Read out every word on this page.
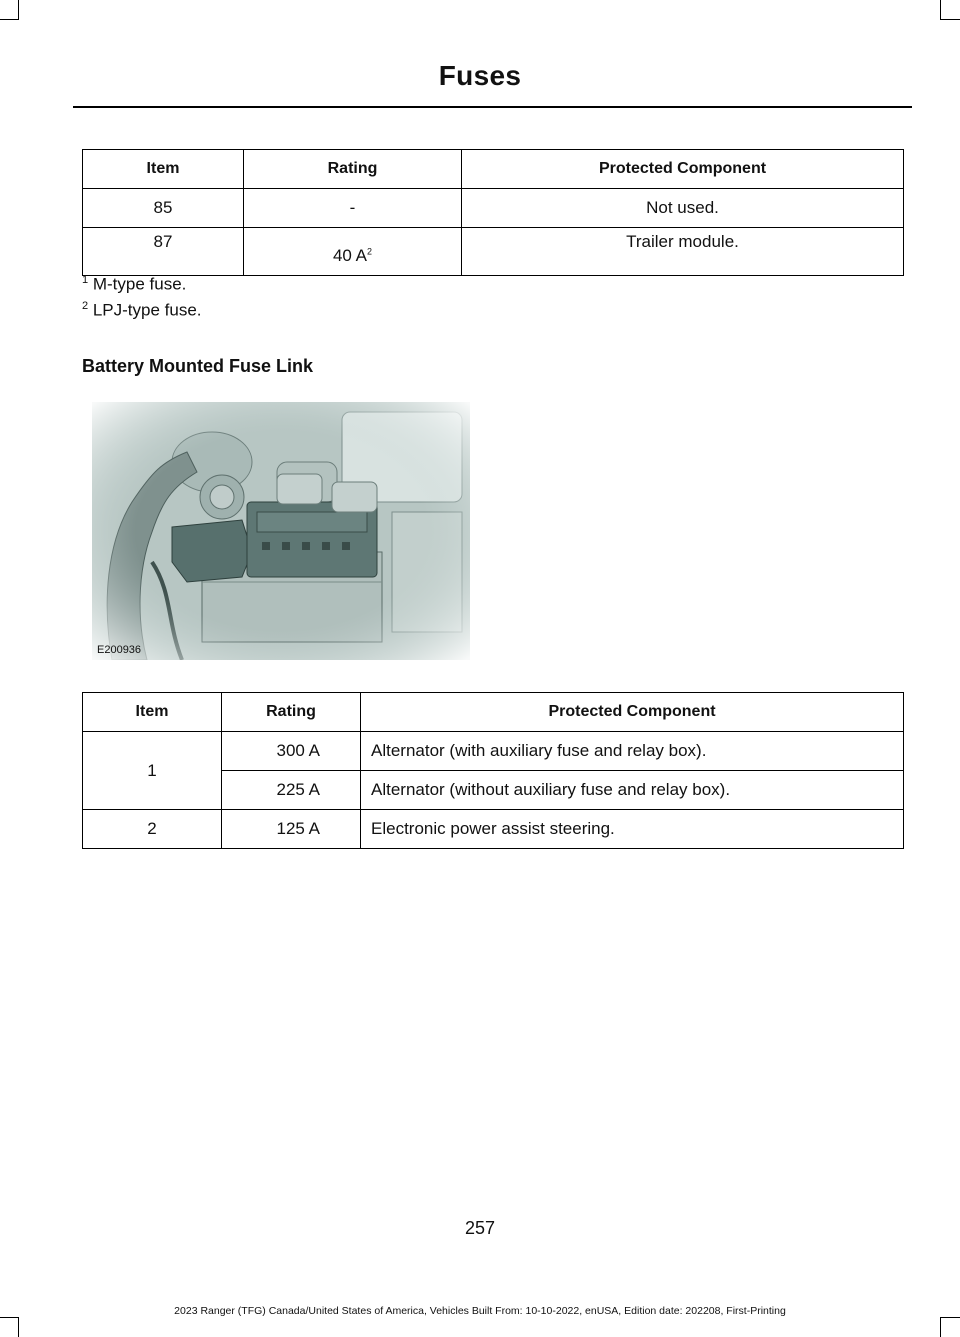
Fuses
Item	Rating	Protected Component
85	-	Not used.
87	40 $A^2$	Trailer module.
$^1$ M-type fuse.
$^2$ LPJ-type fuse.
Battery Mounted Fuse Link
E200936
Item	Rating	Protected Component
1	300 A	Alternator (with auxiliary fuse and relay box).
	225 A	Alternator (without auxiliary fuse and relay box).
2	125 A	Electronic power assist steering.
257
2023 Ranger (TFG) Canada/United States of America, Vehicles Built From: 10-10-2022, enUSA, Edition date: 202208, First-Printing
